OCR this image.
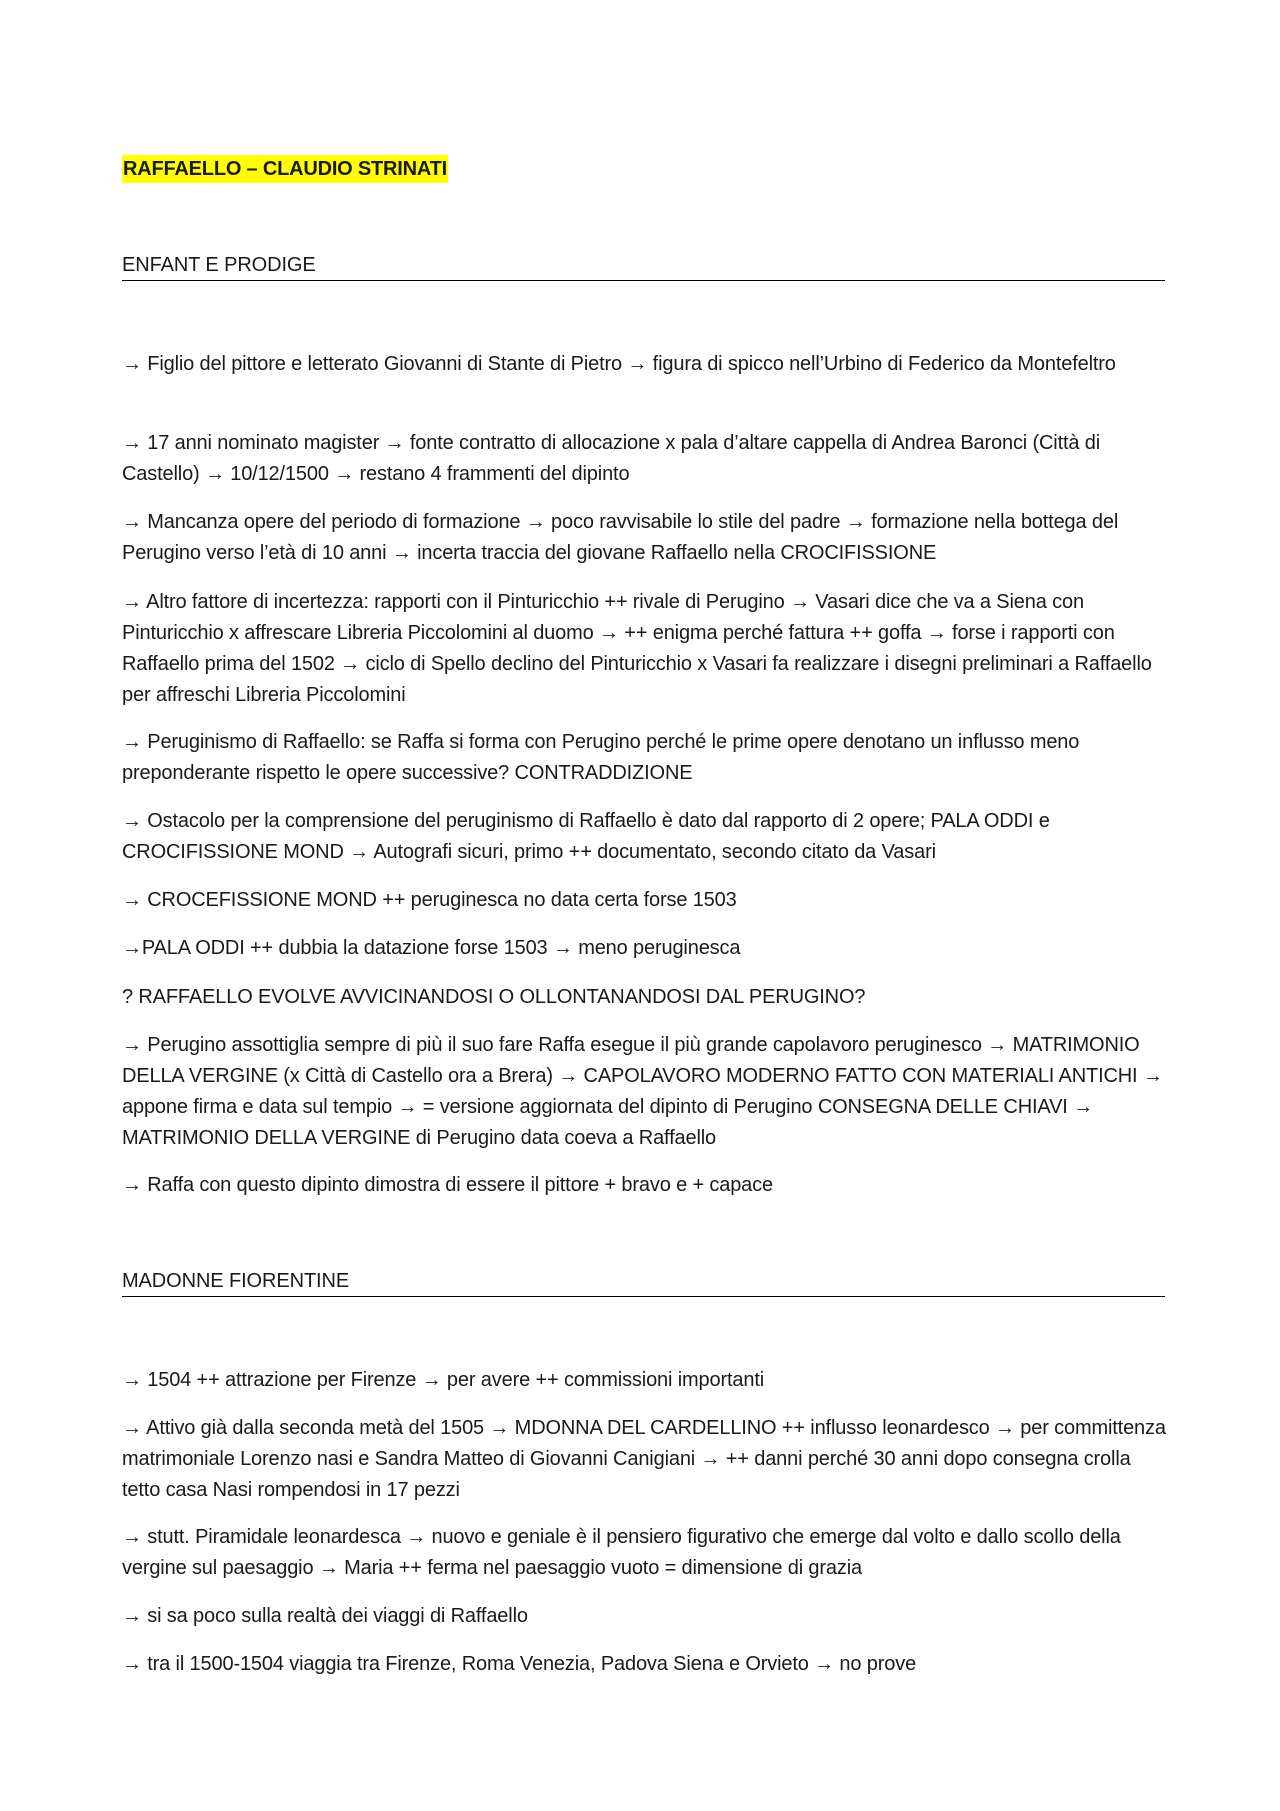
RAFFAELLO – CLAUDIO STRINATI
ENFANT E PRODIGE

→ Figlio del pittore e letterato Giovanni di Stante di Pietro → figura di spicco nell’Urbino di Federico da Montefeltro

→ 17 anni nominato magister → fonte contratto di allocazione x pala d’altare cappella di Andrea Baronci (Città di Castello) → 10/12/1500 → restano 4 frammenti del dipinto

→ Mancanza opere del periodo di formazione → poco ravvisabile lo stile del padre → formazione nella bottega del Perugino verso l’età di 10 anni → incerta traccia del giovane Raffaello nella CROCIFISSIONE

→ Altro fattore di incertezza: rapporti con il Pinturicchio ++ rivale di Perugino → Vasari dice che va a Siena con Pinturicchio x affrescare Libreria Piccolomini al duomo → ++ enigma perché fattura ++ goffa → forse i rapporti con Raffaello prima del 1502 → ciclo di Spello declino del Pinturicchio x Vasari fa realizzare i disegni preliminari a Raffaello per affreschi Libreria Piccolomini

→ Peruginismo di Raffaello: se Raffa si forma con Perugino perché le prime opere denotano un influsso meno preponderante rispetto le opere successive? CONTRADDIZIONE

→ Ostacolo per la comprensione del peruginismo di Raffaello è dato dal rapporto di 2 opere; PALA ODDI e CROCIFISSIONE MOND → Autografi sicuri, primo ++ documentato, secondo citato da Vasari

→ CROCEFISSIONE MOND ++ peruginesca no data certa forse 1503

→PALA ODDI ++ dubbia la datazione forse 1503 → meno peruginesca

? RAFFAELLO EVOLVE AVVICINANDOSI O OLLONTANANDOSI DAL PERUGINO?

→ Perugino assottiglia sempre di più il suo fare Raffa esegue il più grande capolavoro peruginesco → MATRIMONIO DELLA VERGINE (x Città di Castello ora a Brera) → CAPOLAVORO MODERNO FATTO CON MATERIALI ANTICHI → appone firma e data sul tempio → = versione aggiornata del dipinto di Perugino CONSEGNA DELLE CHIAVI → MATRIMONIO DELLA VERGINE di Perugino data coeva a Raffaello

→ Raffa con questo dipinto dimostra di essere il pittore + bravo e + capace

MADONNE FIORENTINE

→ 1504 ++ attrazione per Firenze → per avere ++ commissioni importanti

→ Attivo già dalla seconda metà del 1505 → MDONNA DEL CARDELLINO ++ influsso leonardesco → per committenza matrimoniale Lorenzo nasi e Sandra Matteo di Giovanni Canigiani → ++ danni perché 30 anni dopo consegna crolla tetto casa Nasi rompendosi in 17 pezzi

→ stutt. Piramidale leonardesca → nuovo e geniale è il pensiero figurativo che emerge dal volto e dallo scollo della vergine sul paesaggio → Maria ++ ferma nel paesaggio vuoto = dimensione di grazia

→ si sa poco sulla realtà dei viaggi di Raffaello

→ tra il 1500-1504 viaggia tra Firenze, Roma Venezia, Padova Siena e Orvieto → no prove
